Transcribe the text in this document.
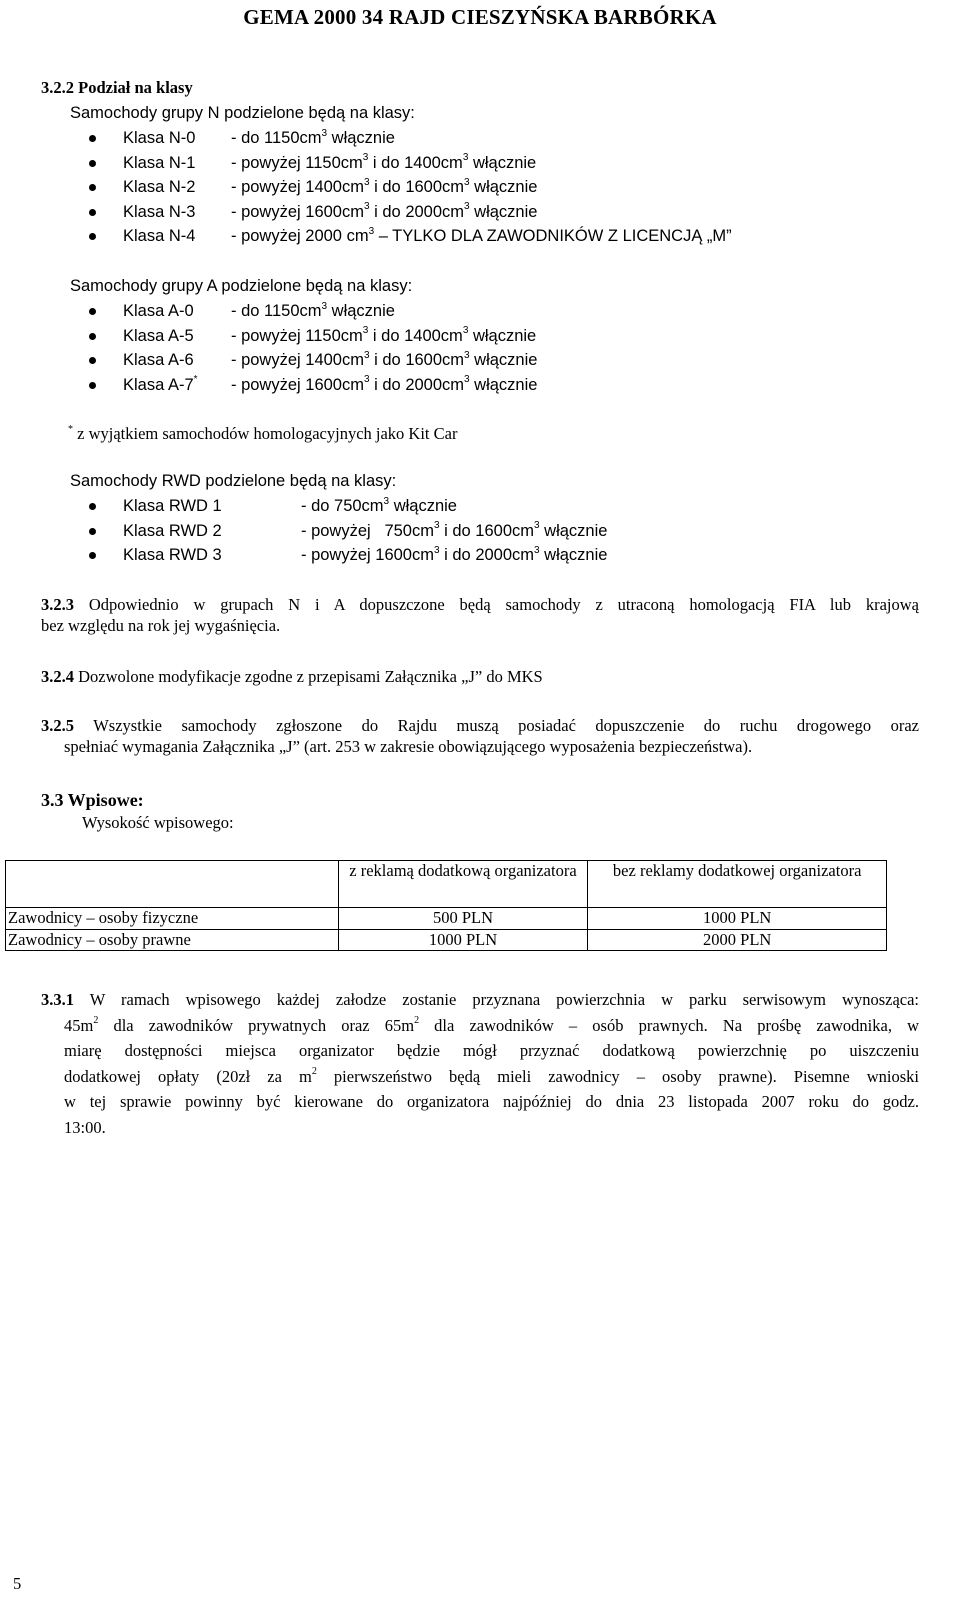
GEMA 2000 34 RAJD CIESZYŃSKA BARBÓRKA
3.2.2 Podział na klasy
Samochody grupy N podzielone będą na klasy:
Klasa N-0 - do $1150cm^3$ włącznie
Klasa N-1 - powyżej $1150cm^3$ i do $1400cm^3$ włącznie
Klasa N-2 - powyżej $1400cm^3$ i do $1600cm^3$ włącznie
Klasa N-3 - powyżej $1600cm^3$ i do $2000cm^3$ włącznie
Klasa N-4 - powyżej 2000 $cm^3$ – TYLKO DLA ZAWODNIKÓW Z LICENCJĄ „M”
Samochody grupy A podzielone będą na klasy:
Klasa A-0 - do $1150cm^3$ włącznie
Klasa A-5 - powyżej $1150cm^3$ i do $1400cm^3$ włącznie
Klasa A-6 - powyżej $1400cm^3$ i do $1600cm^3$ włącznie
Klasa A-7* - powyżej $1600cm^3$ i do $2000cm^3$ włącznie
* z wyjątkiem samochodów homologacyjnych jako Kit Car
Samochody RWD podzielone będą na klasy:
Klasa RWD 1	- do $750cm^3$ włącznie
Klasa RWD 2	- powyżej   $750cm^3$ i do $1600cm^3$ włącznie
Klasa RWD 3	- powyżej $1600cm^3$ i do $2000cm^3$ włącznie
3.2.3 Odpowiednio w grupach N i A dopuszczone będą samochody z utraconą homologacją FIA lub krajową
bez względu na rok jej wygaśnięcia.
3.2.4 Dozwolone modyfikacje zgodne z przepisami Załącznika „J” do MKS
3.2.5 Wszystkie samochody zgłoszone do Rajdu muszą posiadać dopuszczenie do ruchu drogowego oraz
spełniać wymagania Załącznika „J” (art. 253 w zakresie obowiązującego wyposażenia bezpieczeństwa).
3.3 Wpisowe:
Wysokość wpisowego:
	z reklamą dodatkową organizatora	bez reklamy dodatkowej organizatora
Zawodnicy – osoby fizyczne	500 PLN	1000 PLN
Zawodnicy – osoby prawne	1000 PLN	2000 PLN
3.3.1 W ramach wpisowego każdej załodze zostanie przyznana powierzchnia w parku serwisowym wynosząca:
$45m^2$ dla zawodników prywatnych oraz $65m^2$ dla zawodników – osób prawnych. Na prośbę zawodnika, w
miarę dostępności miejsca organizator będzie mógł przyznać dodatkową powierzchnię po uiszczeniu
dodatkowej opłaty (20zł za $m^2$ pierwszeństwo będą mieli zawodnicy – osoby prawne). Pisemne wnioski
w tej sprawie powinny być kierowane do organizatora najpóźniej do dnia 23 listopada 2007 roku do godz.
13:00.
5
